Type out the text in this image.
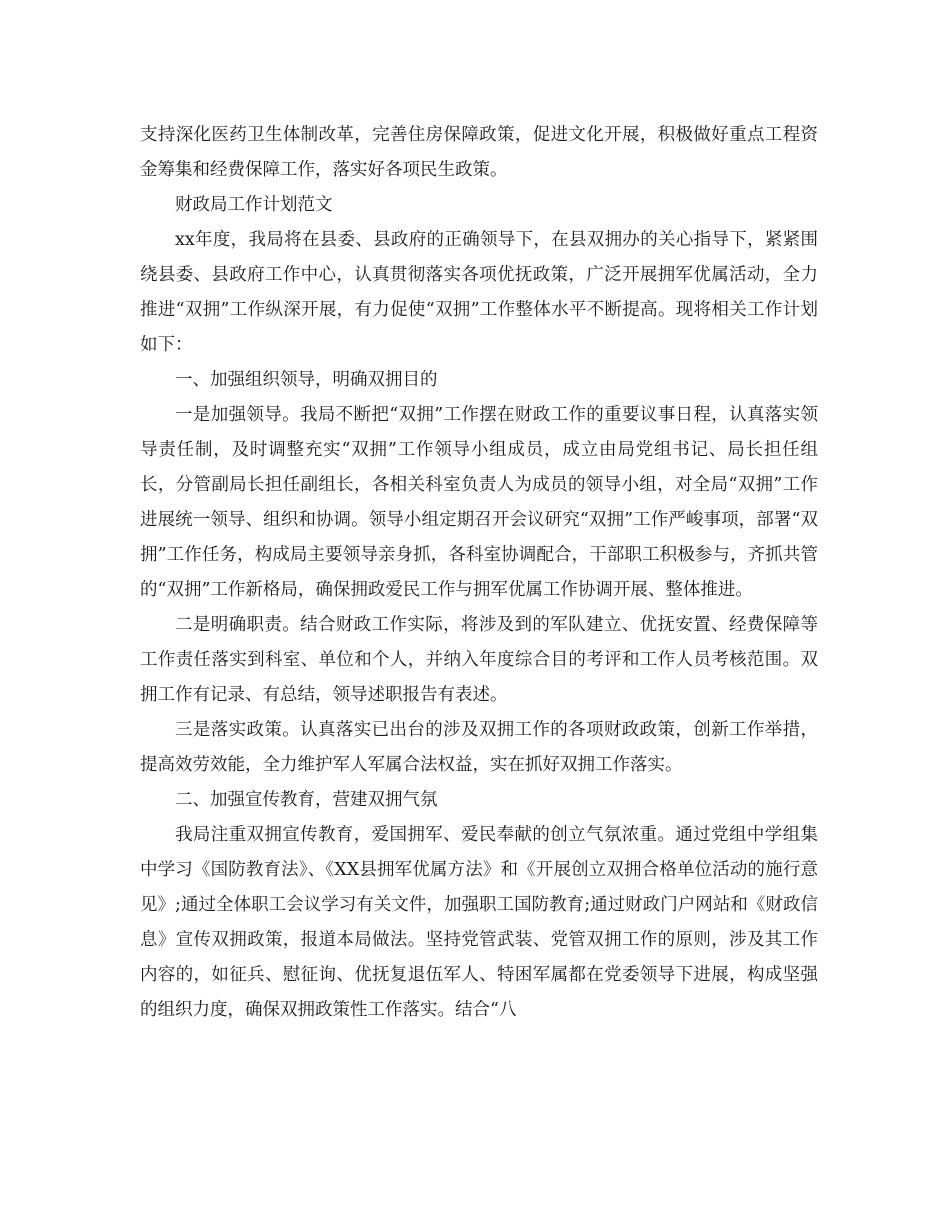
支持深化医药卫生体制改革，完善住房保障政策，促进文化开展，积极做好重点工程资金筹集和经费保障工作，落实好各项民生政策。

财政局工作计划范文

xx年度，我局将在县委、县政府的正确领导下，在县双拥办的关心指导下，紧紧围绕县委、县政府工作中心，认真贯彻落实各项优抚政策，广泛开展拥军优属活动，全力推进“双拥”工作纵深开展，有力促使“双拥”工作整体水平不断提高。现将相关工作计划如下：

一、加强组织领导，明确双拥目的

一是加强领导。我局不断把“双拥”工作摆在财政工作的重要议事日程，认真落实领导责任制，及时调整充实“双拥”工作领导小组成员，成立由局党组书记、局长担任组长，分管副局长担任副组长，各相关科室负责人为成员的领导小组，对全局“双拥”工作进展统一领导、组织和协调。领导小组定期召开会议研究“双拥”工作严峻事项，部署“双拥”工作任务，构成局主要领导亲身抓，各科室协调配合，干部职工积极参与，齐抓共管的“双拥”工作新格局，确保拥政爱民工作与拥军优属工作协调开展、整体推进。

二是明确职责。结合财政工作实际，将涉及到的军队建立、优抚安置、经费保障等工作责任落实到科室、单位和个人，并纳入年度综合目的考评和工作人员考核范围。双拥工作有记录、有总结，领导述职报告有表述。

三是落实政策。认真落实已出台的涉及双拥工作的各项财政政策，创新工作举措，提高效劳效能，全力维护军人军属合法权益，实在抓好双拥工作落实。

二、加强宣传教育，营建双拥气氛

我局注重双拥宣传教育，爱国拥军、爱民奉献的创立气氛浓重。通过党组中学组集中学习《国防教育法》、《XX县拥军优属方法》和《开展创立双拥合格单位活动的施行意见》;通过全体职工会议学习有关文件，加强职工国防教育;通过财政门户网站和《财政信息》宣传双拥政策，报道本局做法。坚持党管武装、党管双拥工作的原则，涉及其工作内容的，如征兵、慰征询、优抚复退伍军人、特困军属都在党委领导下进展，构成坚强的组织力度，确保双拥政策性工作落实。结合“八
